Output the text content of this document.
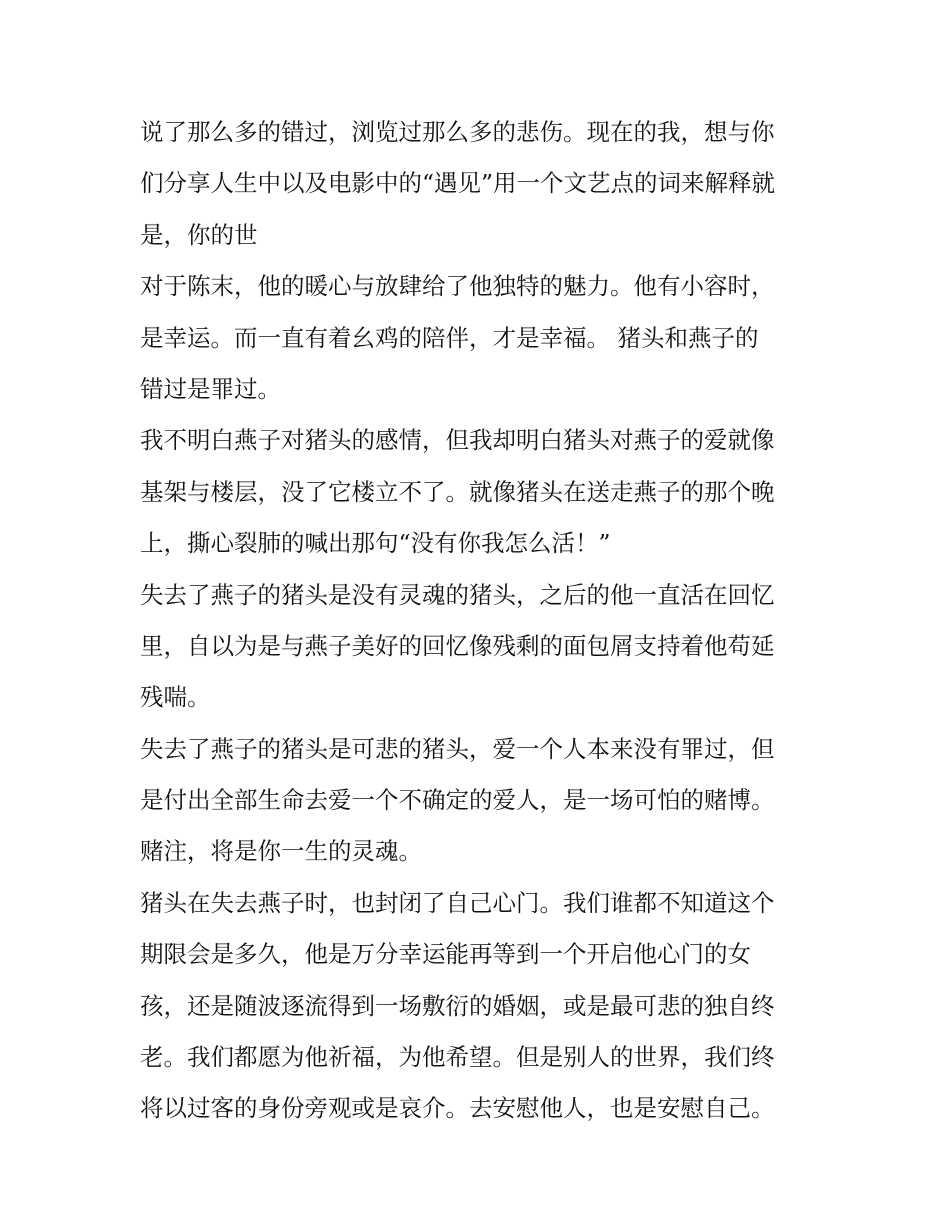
说了那么多的错过，浏览过那么多的悲伤。现在的我，想与你
们分享人生中以及电影中的“遇见”用一个文艺点的词来解释就
是，你的世
对于陈末，他的暖心与放肆给了他独特的魅力。他有小容时，
是幸运。而一直有着幺鸡的陪伴，才是幸福。 猪头和燕子的
错过是罪过。
我不明白燕子对猪头的感情，但我却明白猪头对燕子的爱就像
基架与楼层，没了它楼立不了。就像猪头在送走燕子的那个晚
上，撕心裂肺的喊出那句“没有你我怎么活！”
失去了燕子的猪头是没有灵魂的猪头，之后的他一直活在回忆
里，自以为是与燕子美好的回忆像残剩的面包屑支持着他苟延
残喘。
失去了燕子的猪头是可悲的猪头，爱一个人本来没有罪过，但
是付出全部生命去爱一个不确定的爱人，是一场可怕的赌博。
赌注，将是你一生的灵魂。
猪头在失去燕子时，也封闭了自己心门。我们谁都不知道这个
期限会是多久，他是万分幸运能再等到一个开启他心门的女
孩，还是随波逐流得到一场敷衍的婚姻，或是最可悲的独自终
老。我们都愿为他祈福，为他希望。但是别人的世界，我们终
将以过客的身份旁观或是哀介。去安慰他人，也是安慰自己。
